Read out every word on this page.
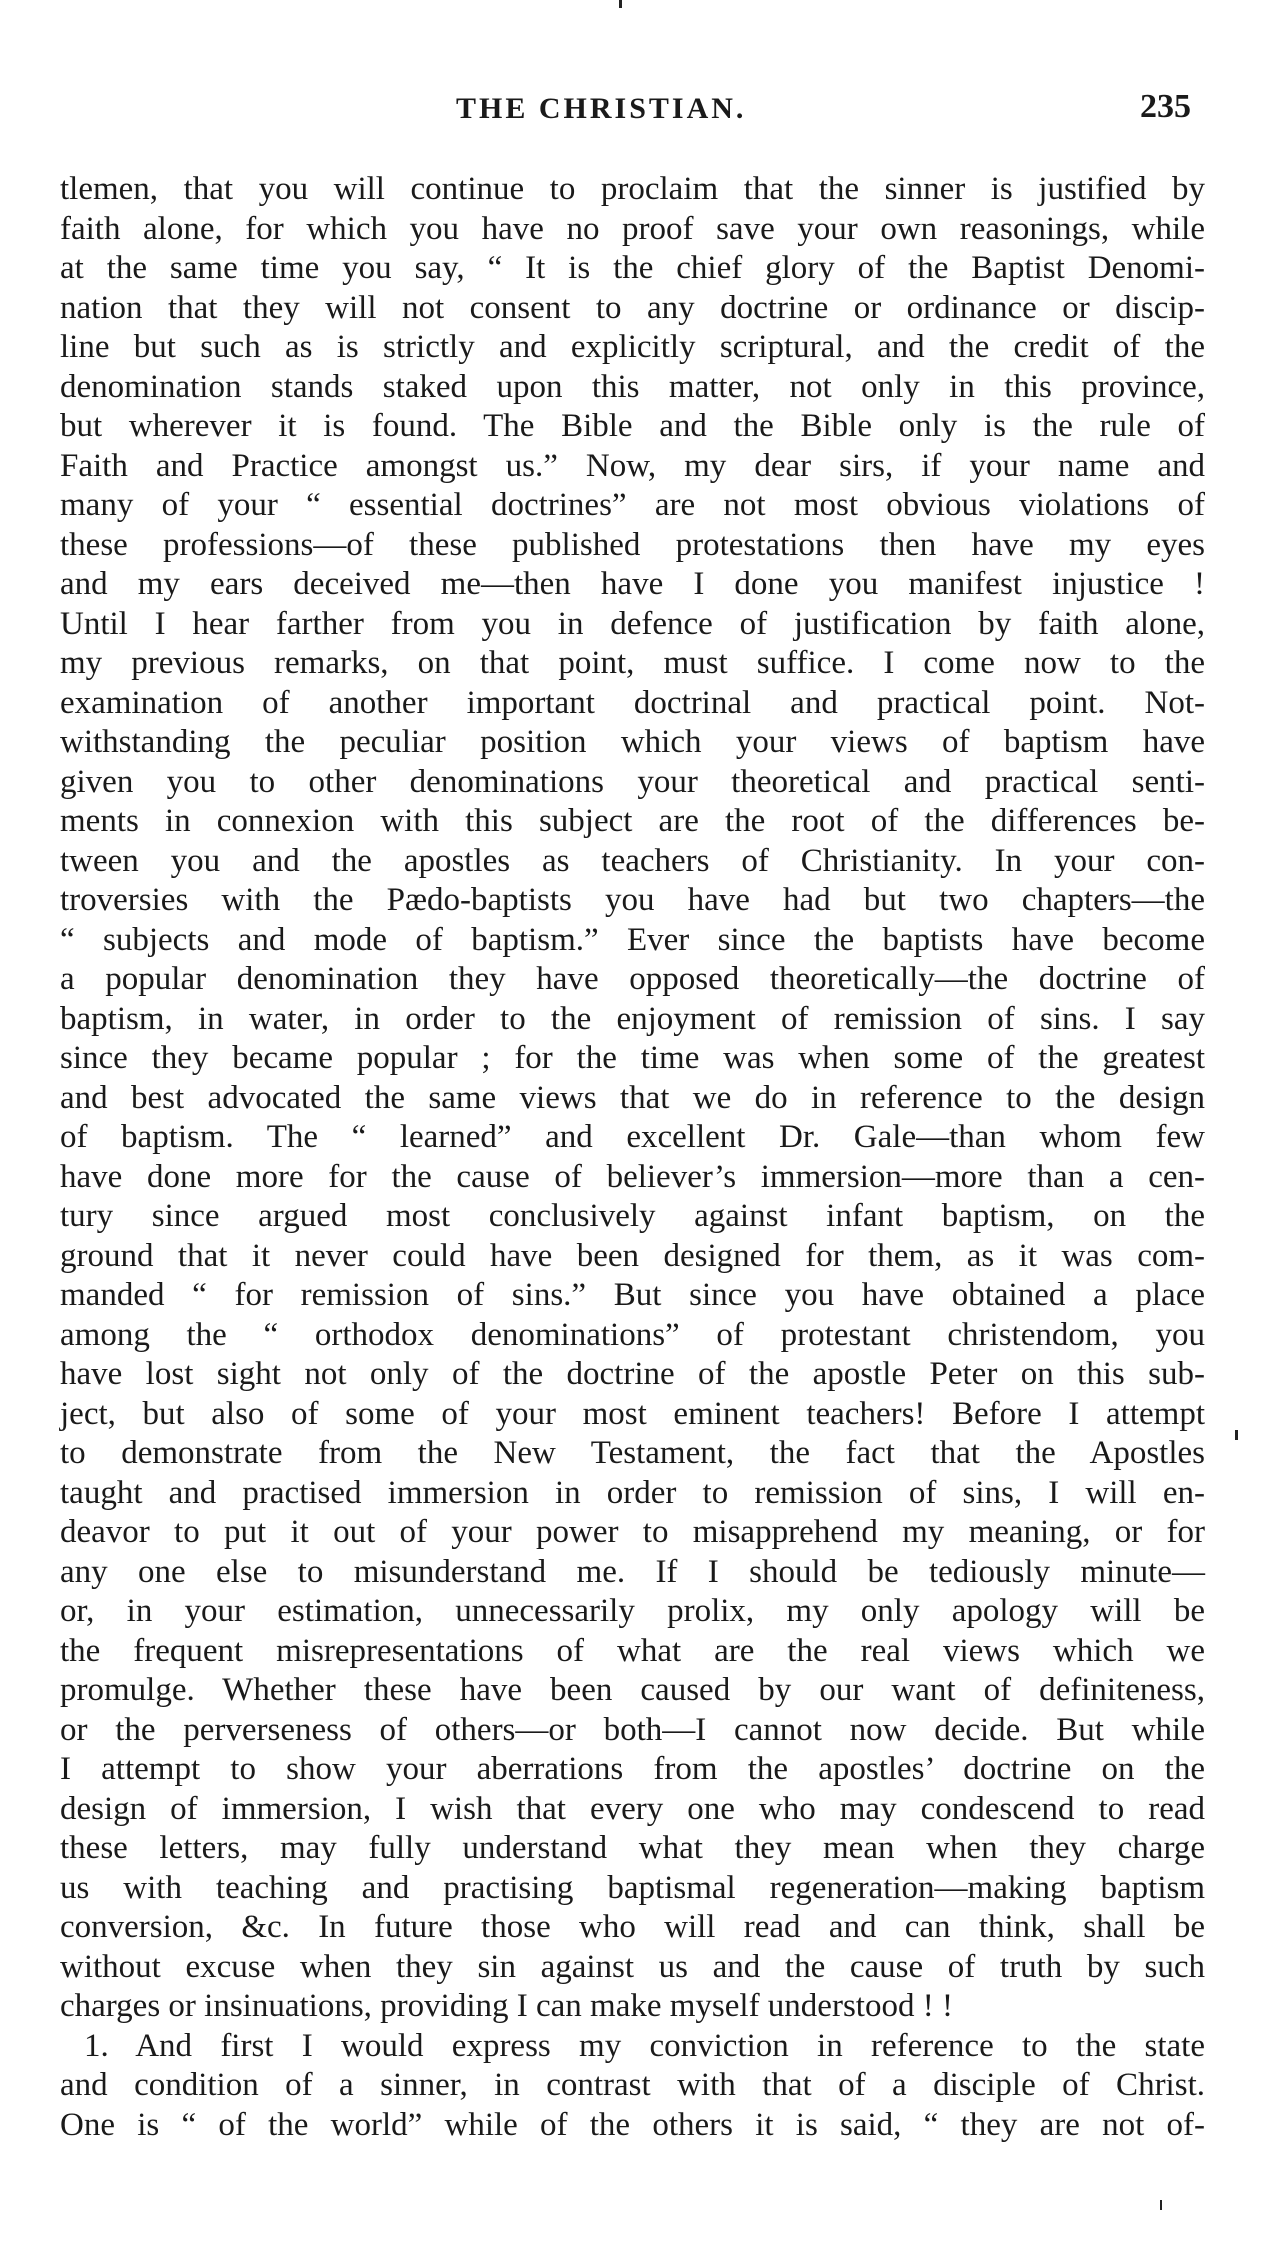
THE CHRISTIAN.	235
tlemen, that you will continue to proclaim that the sinner is justified by
faith alone, for which you have no proof save your own reasonings, while
at the same time you say, “ It is the chief glory of the Baptist Denomi-
nation that they will not consent to any doctrine or ordinance or discip-
line but such as is strictly and explicitly scriptural, and the credit of the
denomination stands staked upon this matter, not only in this province,
but wherever it is found. The Bible and the Bible only is the rule of
Faith and Practice amongst us.” Now, my dear sirs, if your name and
many of your “ essential doctrines” are not most obvious violations of
these professions—of these published protestations then have my eyes
and my ears deceived me—then have I done you manifest injustice !
Until I hear farther from you in defence of justification by faith alone,
my previous remarks, on that point, must suffice. I come now to the
examination of another important doctrinal and practical point. Not-
withstanding the peculiar position which your views of baptism have
given you to other denominations your theoretical and practical senti-
ments in connexion with this subject are the root of the differences be-
tween you and the apostles as teachers of Christianity. In your con-
troversies with the Pædo-baptists you have had but two chapters—the
“ subjects and mode of baptism.” Ever since the baptists have become
a popular denomination they have opposed theoretically—the doctrine of
baptism, in water, in order to the enjoyment of remission of sins. I say
since they became popular ; for the time was when some of the greatest
and best advocated the same views that we do in reference to the design
of baptism. The “ learned” and excellent Dr. Gale—than whom few
have done more for the cause of believer’s immersion—more than a cen-
tury since argued most conclusively against infant baptism, on the
ground that it never could have been designed for them, as it was com-
manded “ for remission of sins.” But since you have obtained a place
among the “ orthodox denominations” of protestant christendom, you
have lost sight not only of the doctrine of the apostle Peter on this sub-
ject, but also of some of your most eminent teachers! Before I attempt
to demonstrate from the New Testament, the fact that the Apostles
taught and practised immersion in order to remission of sins, I will en-
deavor to put it out of your power to misapprehend my meaning, or for
any one else to misunderstand me. If I should be tediously minute—
or, in your estimation, unnecessarily prolix, my only apology will be
the frequent misrepresentations of what are the real views which we
promulge. Whether these have been caused by our want of definiteness,
or the perverseness of others—or both—I cannot now decide. But while
I attempt to show your aberrations from the apostles’ doctrine on the
design of immersion, I wish that every one who may condescend to read
these letters, may fully understand what they mean when they charge
us with teaching and practising baptismal regeneration—making baptism
conversion, &c. In future those who will read and can think, shall be
without excuse when they sin against us and the cause of truth by such
charges or insinuations, providing I can make myself understood ! !
1. And first I would express my conviction in reference to the state
and condition of a sinner, in contrast with that of a disciple of Christ.
One is “ of the world” while of the others it is said, “ they are not of-
